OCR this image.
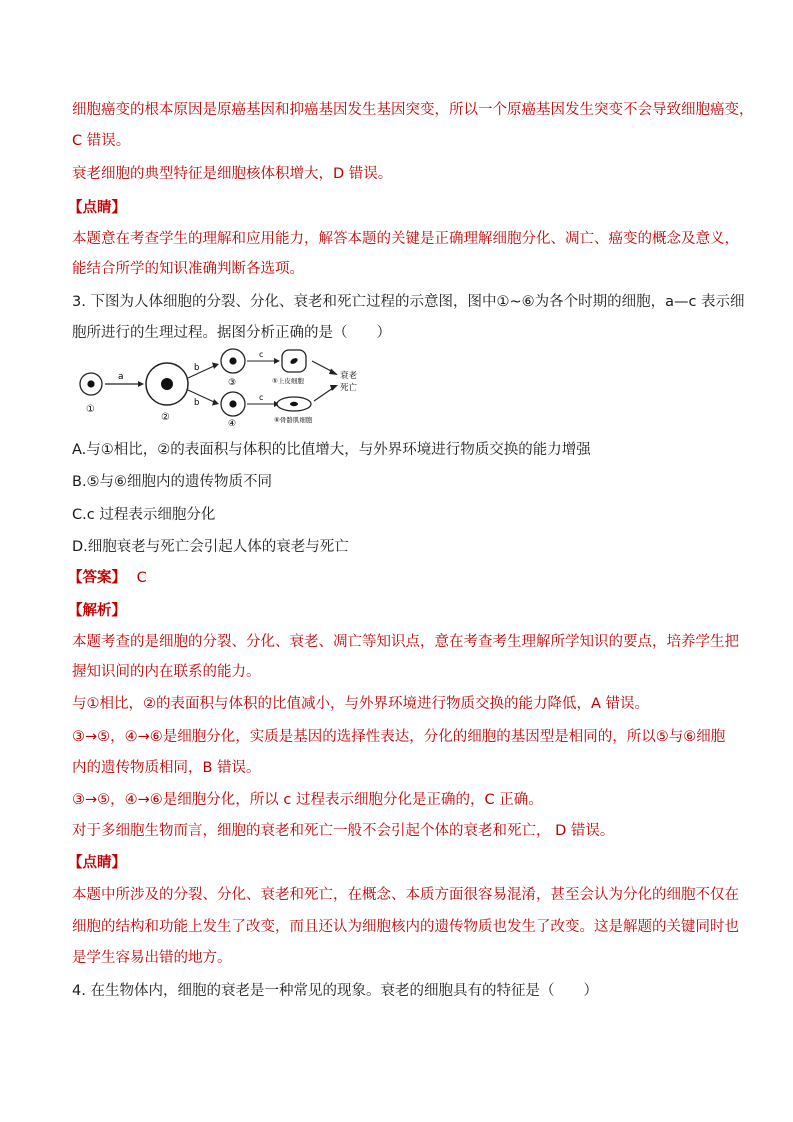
细胞癌变的根本原因是原癌基因和抑癌基因发生基因突变，所以一个原癌基因发生突变不会导致细胞癌变，
C 错误。
衰老细胞的典型特征是细胞核体积增大，D 错误。
【点睛】
本题意在考查学生的理解和应用能力，解答本题的关键是正确理解细胞分化、凋亡、癌变的概念及意义，
能结合所学的知识准确判断各选项。
3. 下图为人体细胞的分裂、分化、衰老和死亡过程的示意图，图中①~⑥为各个时期的细胞，a—c 表示细
胞所进行的生理过程。据图分析正确的是（　　）
①
a
②
b
b
③
④
c
c
⑤上皮细胞
⑥骨骼肌细胞
衰老
死亡
A.与①相比，②的表面积与体积的比值增大，与外界环境进行物质交换的能力增强
B.⑤与⑥细胞内的遗传物质不同
C.c 过程表示细胞分化
D.细胞衰老与死亡会引起人体的衰老与死亡
【答案】 C
【解析】
本题考查的是细胞的分裂、分化、衰老、凋亡等知识点，意在考查考生理解所学知识的要点，培养学生把
握知识间的内在联系的能力。
与①相比，②的表面积与体积的比值减小，与外界环境进行物质交换的能力降低，A 错误。
③→⑤，④→⑥是细胞分化，实质是基因的选择性表达，分化的细胞的基因型是相同的，所以⑤与⑥细胞
内的遗传物质相同，B 错误。
③→⑤，④→⑥是细胞分化，所以 c 过程表示细胞分化是正确的，C 正确。
对于多细胞生物而言，细胞的衰老和死亡一般不会引起个体的衰老和死亡， D 错误。
【点睛】
本题中所涉及的分裂、分化、衰老和死亡，在概念、本质方面很容易混淆，甚至会认为分化的细胞不仅在
细胞的结构和功能上发生了改变，而且还认为细胞核内的遗传物质也发生了改变。这是解题的关键同时也
是学生容易出错的地方。
4. 在生物体内，细胞的衰老是一种常见的现象。衰老的细胞具有的特征是（　　）
